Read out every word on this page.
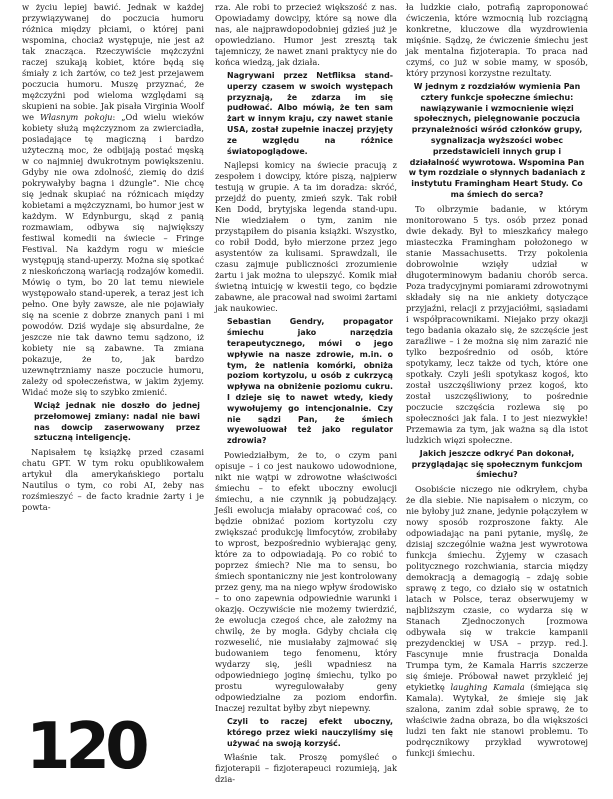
w życiu lepiej bawić. Jednak w każdej przywiązywanej do poczucia humoru różnica między płciami, o której pani wspomina, chociaż występuje, nie jest aż tak znacząca. Rzeczywiście mężczyźni raczej szukają kobiet, które będą się śmiały z ich żartów, co też jest przejawem poczucia humoru. Muszę przyznać, że mężczyźni pod wieloma względami są skupieni na sobie. Jak pisała Virginia Woolf we Własnym pokoju: „Od wielu wieków kobiety służą mężczyznom za zwierciadła, posiadające tę magiczną i bardzo użyteczną moc, że odbijają postać męską w co najmniej dwukrotnym powiększeniu. Gdyby nie owa zdolność, ziemię do dziś pokrywałyby bagna i dżungle”. Nie chcę się jednak skupiać na różnicach między kobietami a mężczyznami, bo humor jest w każdym. W Edynburgu, skąd z panią rozmawiam, odbywa się największy festiwal komedii na świecie – Fringe Festival. Na każdym rogu w mieście występują stand-uperzy. Można się spotkać z nieskończoną wariacją rodzajów komedii. Mówię o tym, bo 20 lat temu niewiele występowało stand-uperek, a teraz jest ich pełno. One były zawsze, ale nie pojawiały się na scenie z dobrze znanych pani i mi powodów. Dziś wydaje się absurdalne, że jeszcze nie tak dawno temu sądzono, iż kobiety nie są zabawne. Ta zmiana pokazuje, że to, jak bardzo uzewnętrzniamy nasze poczucie humoru, zależy od społeczeństwa, w jakim żyjemy. Widać może się to szybko zmienić.

Wciąż jednak nie doszło do jednej przełomowej zmiany: nadal nie bawi nas dowcip zaserwowany przez sztuczną inteligencję.

Napisałem tę książkę przed czasami chatu GPT. W tym roku opublikowałem artykuł dla amerykańskiego portalu Nautilus o tym, co robi AI, żeby nas rozśmieszyć – de facto kradnie żarty i je powta-

rza. Ale robi to przecież większość z nas. Opowiadamy dowcipy, które są nowe dla nas, ale najprawdopodobniej gdzieś już je opowiedziano. Humor jest zresztą tak tajemniczy, że nawet znani praktycy nie do końca wiedzą, jak działa.

Nagrywani przez Netfliksa stand-uperzy czasem w swoich występach przyznają, że zdarza im się pudłować. Albo mówią, że ten sam żart w innym kraju, czy nawet stanie USA, został zupełnie inaczej przyjęty ze względu na różnice światopoglądowe.

Najlepsi komicy na świecie pracują z zespołem i dowcipy, które piszą, najpierw testują w grupie. A ta im doradza: skróć, przejdź do puenty, zmień szyk. Tak robił Ken Dodd, brytyjska legenda stand-upu. Nie wiedziałem o tym, zanim nie przystąpiłem do pisania książki. Wszystko, co robił Dodd, było mierzone przez jego asystentów za kulisami. Sprawdzali, ile czasu zajmuje publiczności zrozumienie żartu i jak można to ulepszyć. Komik miał świetną intuicję w kwestii tego, co będzie zabawne, ale pracował nad swoimi żartami jak naukowiec.

Sebastian Gendry, propagator śmiechu jako narzędzia terapeutycznego, mówi o jego wpływie na nasze zdrowie, m.in. o tym, że natlenia komórki, obniża poziom kortyzolu, u osób z cukrzycą wpływa na obniżenie poziomu cukru. I dzieje się to nawet wtedy, kiedy wywołujemy go intencjonalnie. Czy nie sądzi Pan, że śmiech wyewoluował też jako regulator zdrowia?

Powiedziałbym, że to, o czym pani opisuje – i co jest naukowo udowodnione, nikt nie wątpi w zdrowotne właściwości śmiechu – to efekt uboczny ewolucji śmiechu, a nie czynnik ją pobudzający. Jeśli ewolucja miałaby opracować coś, co będzie obniżać poziom kortyzolu czy zwiększać produkcję limfocytów, zrobiłaby to wprost, bezpośrednio wybierając geny, które za to odpowiadają. Po co robić to poprzez śmiech? Nie ma to sensu, bo śmiech spontaniczny nie jest kontrolowany przez geny, ma na niego wpływ środowisko – to ono zapewnia odpowiednie warunki i okazję. Oczywiście nie możemy twierdzić, że ewolucja czegoś chce, ale założmy na chwilę, że by mogła. Gdyby chciała cię rozweselić, nie musiałaby zajmować się budowaniem tego fenomenu, który wydarzy się, jeśli wpadniesz na odpowiedniego joginę śmiechu, tylko po prostu wyregulowałaby geny odpowiedzialne za poziom endorfin. Inaczej rezultat byłby zbyt niepewny.

Czyli to raczej efekt uboczny, którego przez wieki nauczyliśmy się używać na swoją korzyść.

Właśnie tak. Proszę pomyśleć o fizjoterapii – fizjoterapeuci rozumieją, jak dzia-

ła ludzkie ciało, potrafią zaproponować ćwiczenia, które wzmocnią lub rozciągną konkretne, kluczowe dla wyzdrowienia mięśnie. Sądzę, że ćwiczenie śmiechu jest jak mentalna fizjoterapia. To praca nad czymś, co już w sobie mamy, w sposób, który przynosi korzystne rezultaty.

W jednym z rozdziałów wymienia Pan cztery funkcje społeczne śmiechu: nawiązywanie i wzmocnienie więzi społecznych, pielęgnowanie poczucia przynależności wśród członków grupy, sygnalizacja wyższości wobec przedstawicieli innych grup i działalność wywrotowa. Wspomina Pan w tym rozdziale o słynnych badaniach z instytutu Framingham Heart Study. Co ma śmiech do serca?

To olbrzymie badanie, w którym monitorowano 5 tys. osób przez ponad dwie dekady. Był to mieszkańcy małego miasteczka Framingham położonego w stanie Massachusetts. Trzy pokolenia dobrowolnie wzięły udział w długoterminowym badaniu chorób serca. Poza tradycyjnymi pomiarami zdrowotnymi składały się na nie ankiety dotyczące przyjaźni, relacji z przyjaciółmi, sąsiadami i współpracownikami. Niejako przy okazji tego badania okazało się, że szczęście jest zaraźliwe – i że można się nim zarazić nie tylko bezpośrednio od osób, które spotykamy, lecz także od tych, które one spotkały. Czyli jeśli spotykasz kogoś, kto został uszczęśliwiony przez kogoś, kto został uszczęśliwiony, to pośrednie poczucie szczęścia rozlewa się po społeczności jak fala. I to jest niezwykłe! Przemawia za tym, jak ważna są dla istot ludzkich więzi społeczne.

Jakich jeszcze odkryć Pan dokonał, przyglądając się społecznym funkcjom śmiechu?

Osobiście niczego nie odkryłem, chyba że dla siebie. Nie napisałem o niczym, co nie byłoby już znane, jedynie połączyłem w nowy sposób rozproszone fakty. Ale odpowiadając na pani pytanie, myślę, że dzisiaj szczególnie ważna jest wywrotowa funkcja śmiechu. Żyjemy w czasach politycznego rozchwiania, starcia między demokracją a demagogią – zdaję sobie sprawę z tego, co działo się w ostatnich latach w Polsce, teraz obserwujemy w najbliższym czasie, co wydarza się w Stanach Zjednoczonych [rozmowa odbywała się w trakcie kampanii prezydenckiej w USA – przyp. red.]. Fascynuje mnie frustracja Donalda Trumpa tym, że Kamala Harris szczerze się śmieje. Próbował nawet przykleić jej etykietkę laughing Kamala (śmiejąca się Kamala). Wytykał, że śmieje się jak szalona, zanim zdał sobie sprawę, że to właściwie żadna obraza, bo dla większości ludzi ten fakt nie stanowi problemu. To podręcznikowy przykład wywrotowej funkcji śmiechu.

120
